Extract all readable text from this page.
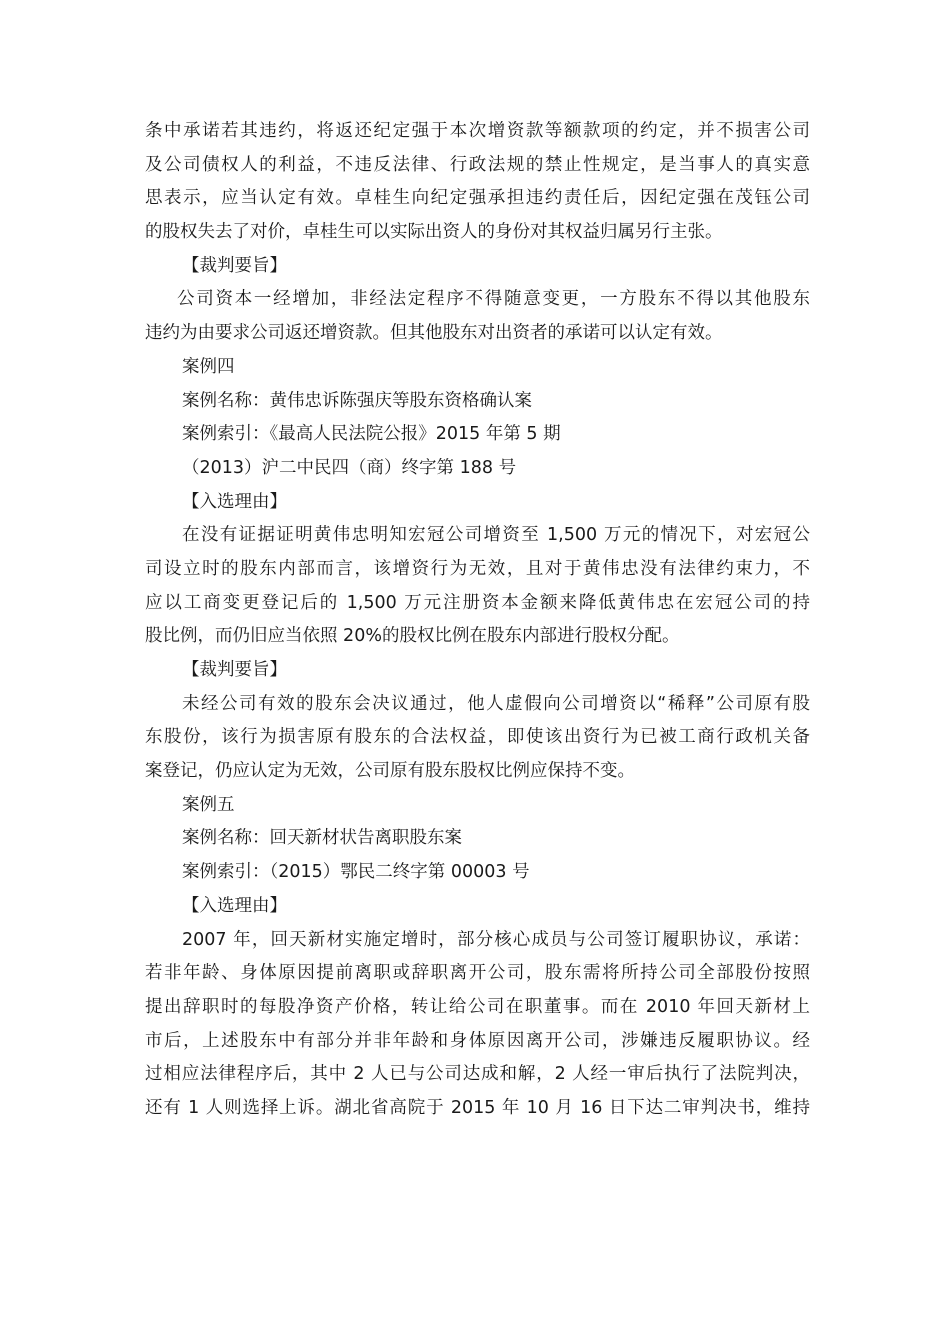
条中承诺若其违约，将返还纪定强于本次增资款等额款项的约定，并不损害公司
及公司债权人的利益，不违反法律、行政法规的禁止性规定，是当事人的真实意
思表示，应当认定有效。卓桂生向纪定强承担违约责任后，因纪定强在茂钰公司
的股权失去了对价，卓桂生可以实际出资人的身份对其权益归属另行主张。
【裁判要旨】
公司资本一经增加，非经法定程序不得随意变更，一方股东不得以其他股东
违约为由要求公司返还增资款。但其他股东对出资者的承诺可以认定有效。
案例四
案例名称：黄伟忠诉陈强庆等股东资格确认案
案例索引：《最高人民法院公报》2015 年第 5 期
（2013）沪二中民四（商）终字第 188 号
【入选理由】
在没有证据证明黄伟忠明知宏冠公司增资至 1,500 万元的情况下，对宏冠公
司设立时的股东内部而言，该增资行为无效，且对于黄伟忠没有法律约束力，不
应以工商变更登记后的 1,500 万元注册资本金额来降低黄伟忠在宏冠公司的持
股比例，而仍旧应当依照 20%的股权比例在股东内部进行股权分配。
【裁判要旨】
未经公司有效的股东会决议通过，他人虚假向公司增资以“稀释”公司原有股
东股份，该行为损害原有股东的合法权益，即使该出资行为已被工商行政机关备
案登记，仍应认定为无效，公司原有股东股权比例应保持不变。
案例五
案例名称：回天新材状告离职股东案
案例索引：（2015）鄂民二终字第 00003 号
【入选理由】
2007 年，回天新材实施定增时，部分核心成员与公司签订履职协议，承诺：
若非年龄、身体原因提前离职或辞职离开公司，股东需将所持公司全部股份按照
提出辞职时的每股净资产价格，转让给公司在职董事。而在 2010 年回天新材上
市后，上述股东中有部分并非年龄和身体原因离开公司，涉嫌违反履职协议。经
过相应法律程序后，其中 2 人已与公司达成和解，2 人经一审后执行了法院判决，
还有 1 人则选择上诉。湖北省高院于 2015 年 10 月 16 日下达二审判决书，维持
